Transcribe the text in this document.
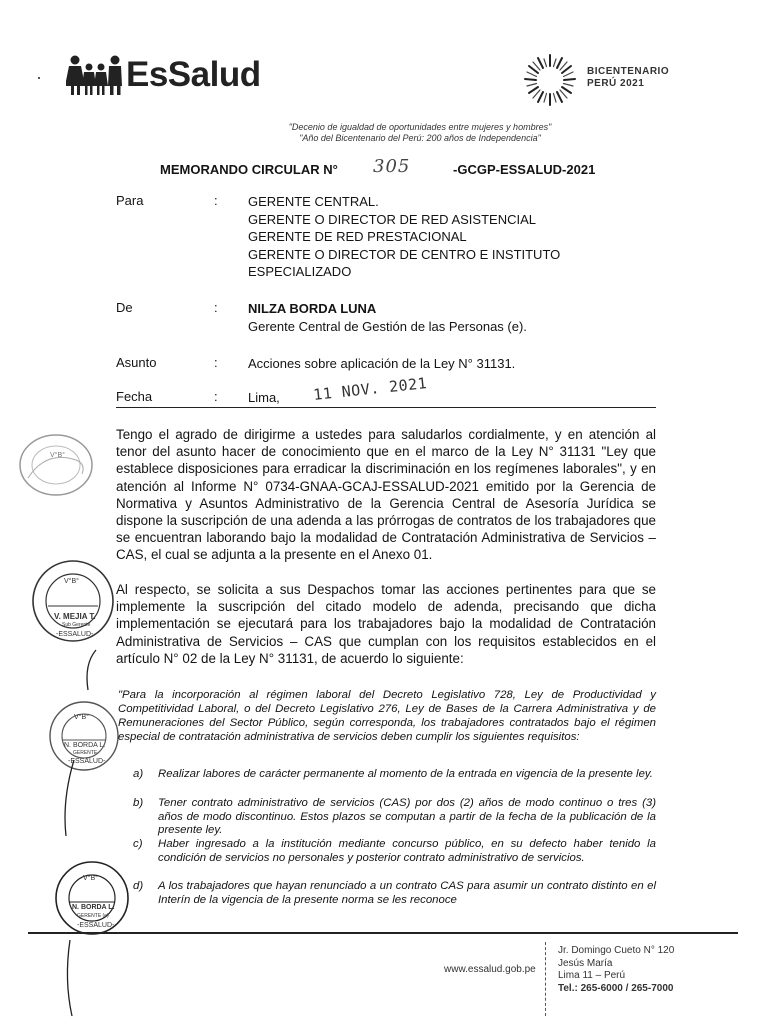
EsSalud	BICENTENARIO
PERÚ 2021
"Decenio de igualdad de oportunidades entre mujeres y hombres"
"Año del Bicentenario del Perú: 200 años de Independencia"
MEMORANDO CIRCULAR N° 305	-GCGP-ESSALUD-2021
Para	: GERENTE CENTRAL.
GERENTE O DIRECTOR DE RED ASISTENCIAL
GERENTE DE RED PRESTACIONAL
GERENTE O DIRECTOR DE CENTRO E INSTITUTO
ESPECIALIZADO
De	: NILZA BORDA LUNA
Gerente Central de Gestión de las Personas (e).
Asunto	: Acciones sobre aplicación de la Ley N° 31131.
Fecha	: Lima, 11 NOV. 2021
Tengo el agrado de dirigirme a ustedes para saludarlos cordialmente, y en atención al tenor del asunto hacer de conocimiento que en el marco de la Ley N° 31131 "Ley que establece disposiciones para erradicar la discriminación en los regímenes laborales", y en atención al Informe N° 0734-GNAA-GCAJ-ESSALUD-2021 emitido por la Gerencia de Normativa y Asuntos Administrativo de la Gerencia Central de Asesoría Jurídica se dispone la suscripción de una adenda a las prórrogas de contratos de los trabajadores que se encuentran laborando bajo la modalidad de Contratación Administrativa de Servicios – CAS, el cual se adjunta a la presente en el Anexo 01.
Al respecto, se solicita a sus Despachos tomar las acciones pertinentes para que se implemente la suscripción del citado modelo de adenda, precisando que dicha implementación se ejecutará para los trabajadores bajo la modalidad de Contratación Administrativa de Servicios – CAS que cumplan con los requisitos establecidos en el artículo N° 02 de la Ley N° 31131, de acuerdo lo siguiente:
"Para la incorporación al régimen laboral del Decreto Legislativo 728, Ley de Productividad y Competitividad Laboral, o del Decreto Legislativo 276, Ley de Bases de la Carrera Administrativa y de Remuneraciones del Sector Público, según corresponda, los trabajadores contratados bajo el régimen especial de contratación administrativa de servicios deben cumplir los siguientes requisitos:
a) Realizar labores de carácter permanente al momento de la entrada en vigencia de la presente ley.
b) Tener contrato administrativo de servicios (CAS) por dos (2) años de modo continuo o tres (3) años de modo discontinuo. Estos plazos se computan a partir de la fecha de la publicación de la presente ley.
c) Haber ingresado a la institución mediante concurso público, en su defecto haber tenido la condición de servicios no personales y posterior contrato administrativo de servicios.
d) A los trabajadores que hayan renunciado a un contrato CAS para asumir un contrato distinto en el Interín de la vigencia de la presente norma se les reconoce
V°B°
V°B°
V. MEJIA T.
Sub Gerente
-ESSALUD-
V°B°
N. BORDA L.
GERENTE
-ESSALUD-
V°B°
N. BORDA L.
GERENTE (e)
-ESSALUD-
www.essalud.gob.pe
Jr. Domingo Cueto N° 120
Jesús María
Lima 11 – Perú
Tel.: 265-6000 / 265-7000
